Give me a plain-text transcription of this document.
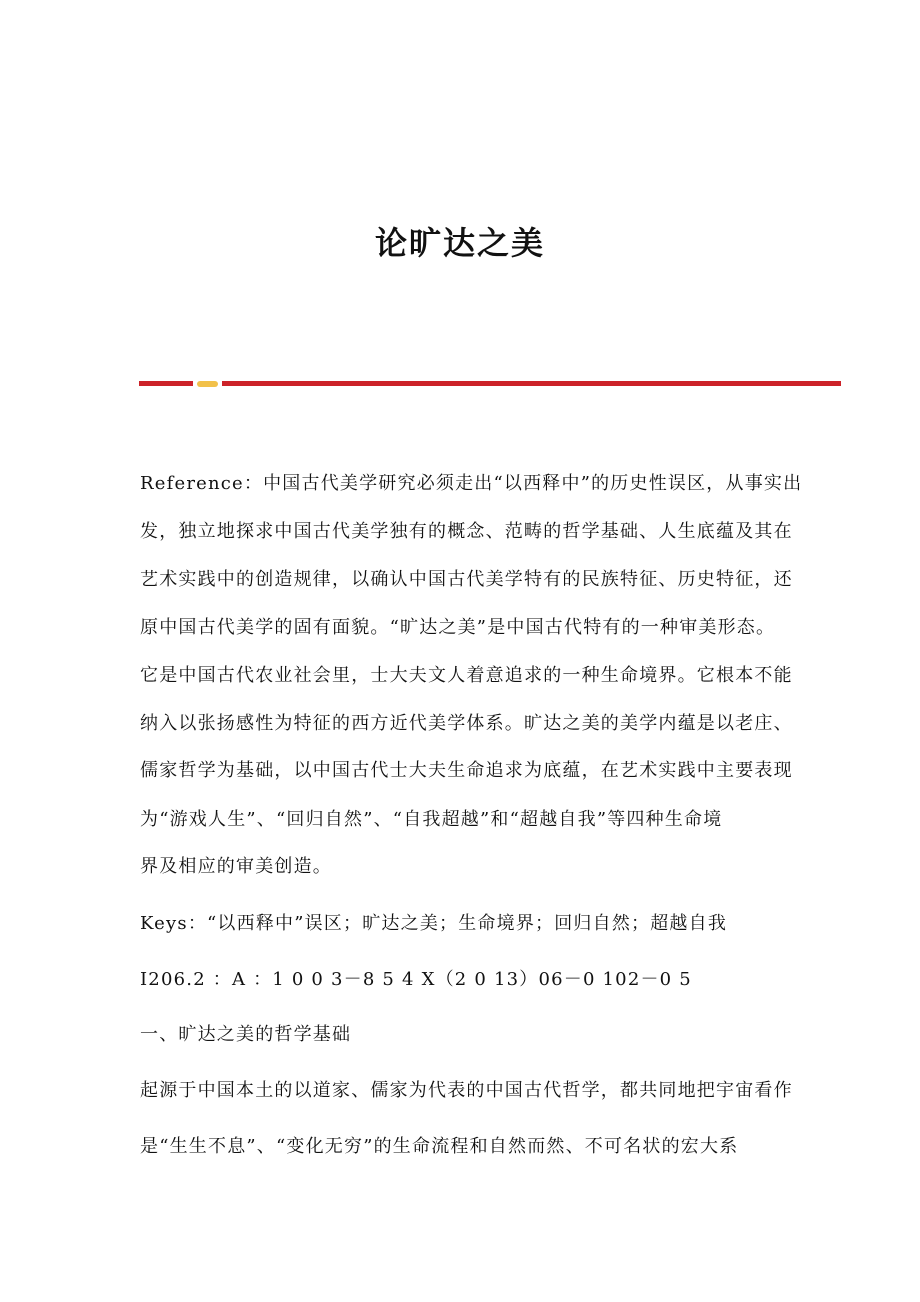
论旷达之美
Reference：中国古代美学研究必须走出“以西释中”的历史性误区，从事实出
发，独立地探求中国古代美学独有的概念、范畴的哲学基础、人生底蕴及其在
艺术实践中的创造规律，以确认中国古代美学特有的民族特征、历史特征，还
原中国古代美学的固有面貌。“旷达之美”是中国古代特有的一种审美形态。
它是中国古代农业社会里，士大夫文人着意追求的一种生命境界。它根本不能
纳入以张扬感性为特征的西方近代美学体系。旷达之美的美学内蕴是以老庄、
儒家哲学为基础，以中国古代士大夫生命追求为底蕴，在艺术实践中主要表现
为“游戏人生”、“回归自然”、“自我超越”和“超越自我”等四种生命境
界及相应的审美创造。
Keys：“以西释中”误区；旷达之美；生命境界；回归自然；超越自我
I206.2 ：A ：1 0 0 3－8 5 4 X（2 0 13）06－0 102－0 5
一、旷达之美的哲学基础
起源于中国本土的以道家、儒家为代表的中国古代哲学，都共同地把宇宙看作
是“生生不息”、“变化无穷”的生命流程和自然而然、不可名状的宏大系
